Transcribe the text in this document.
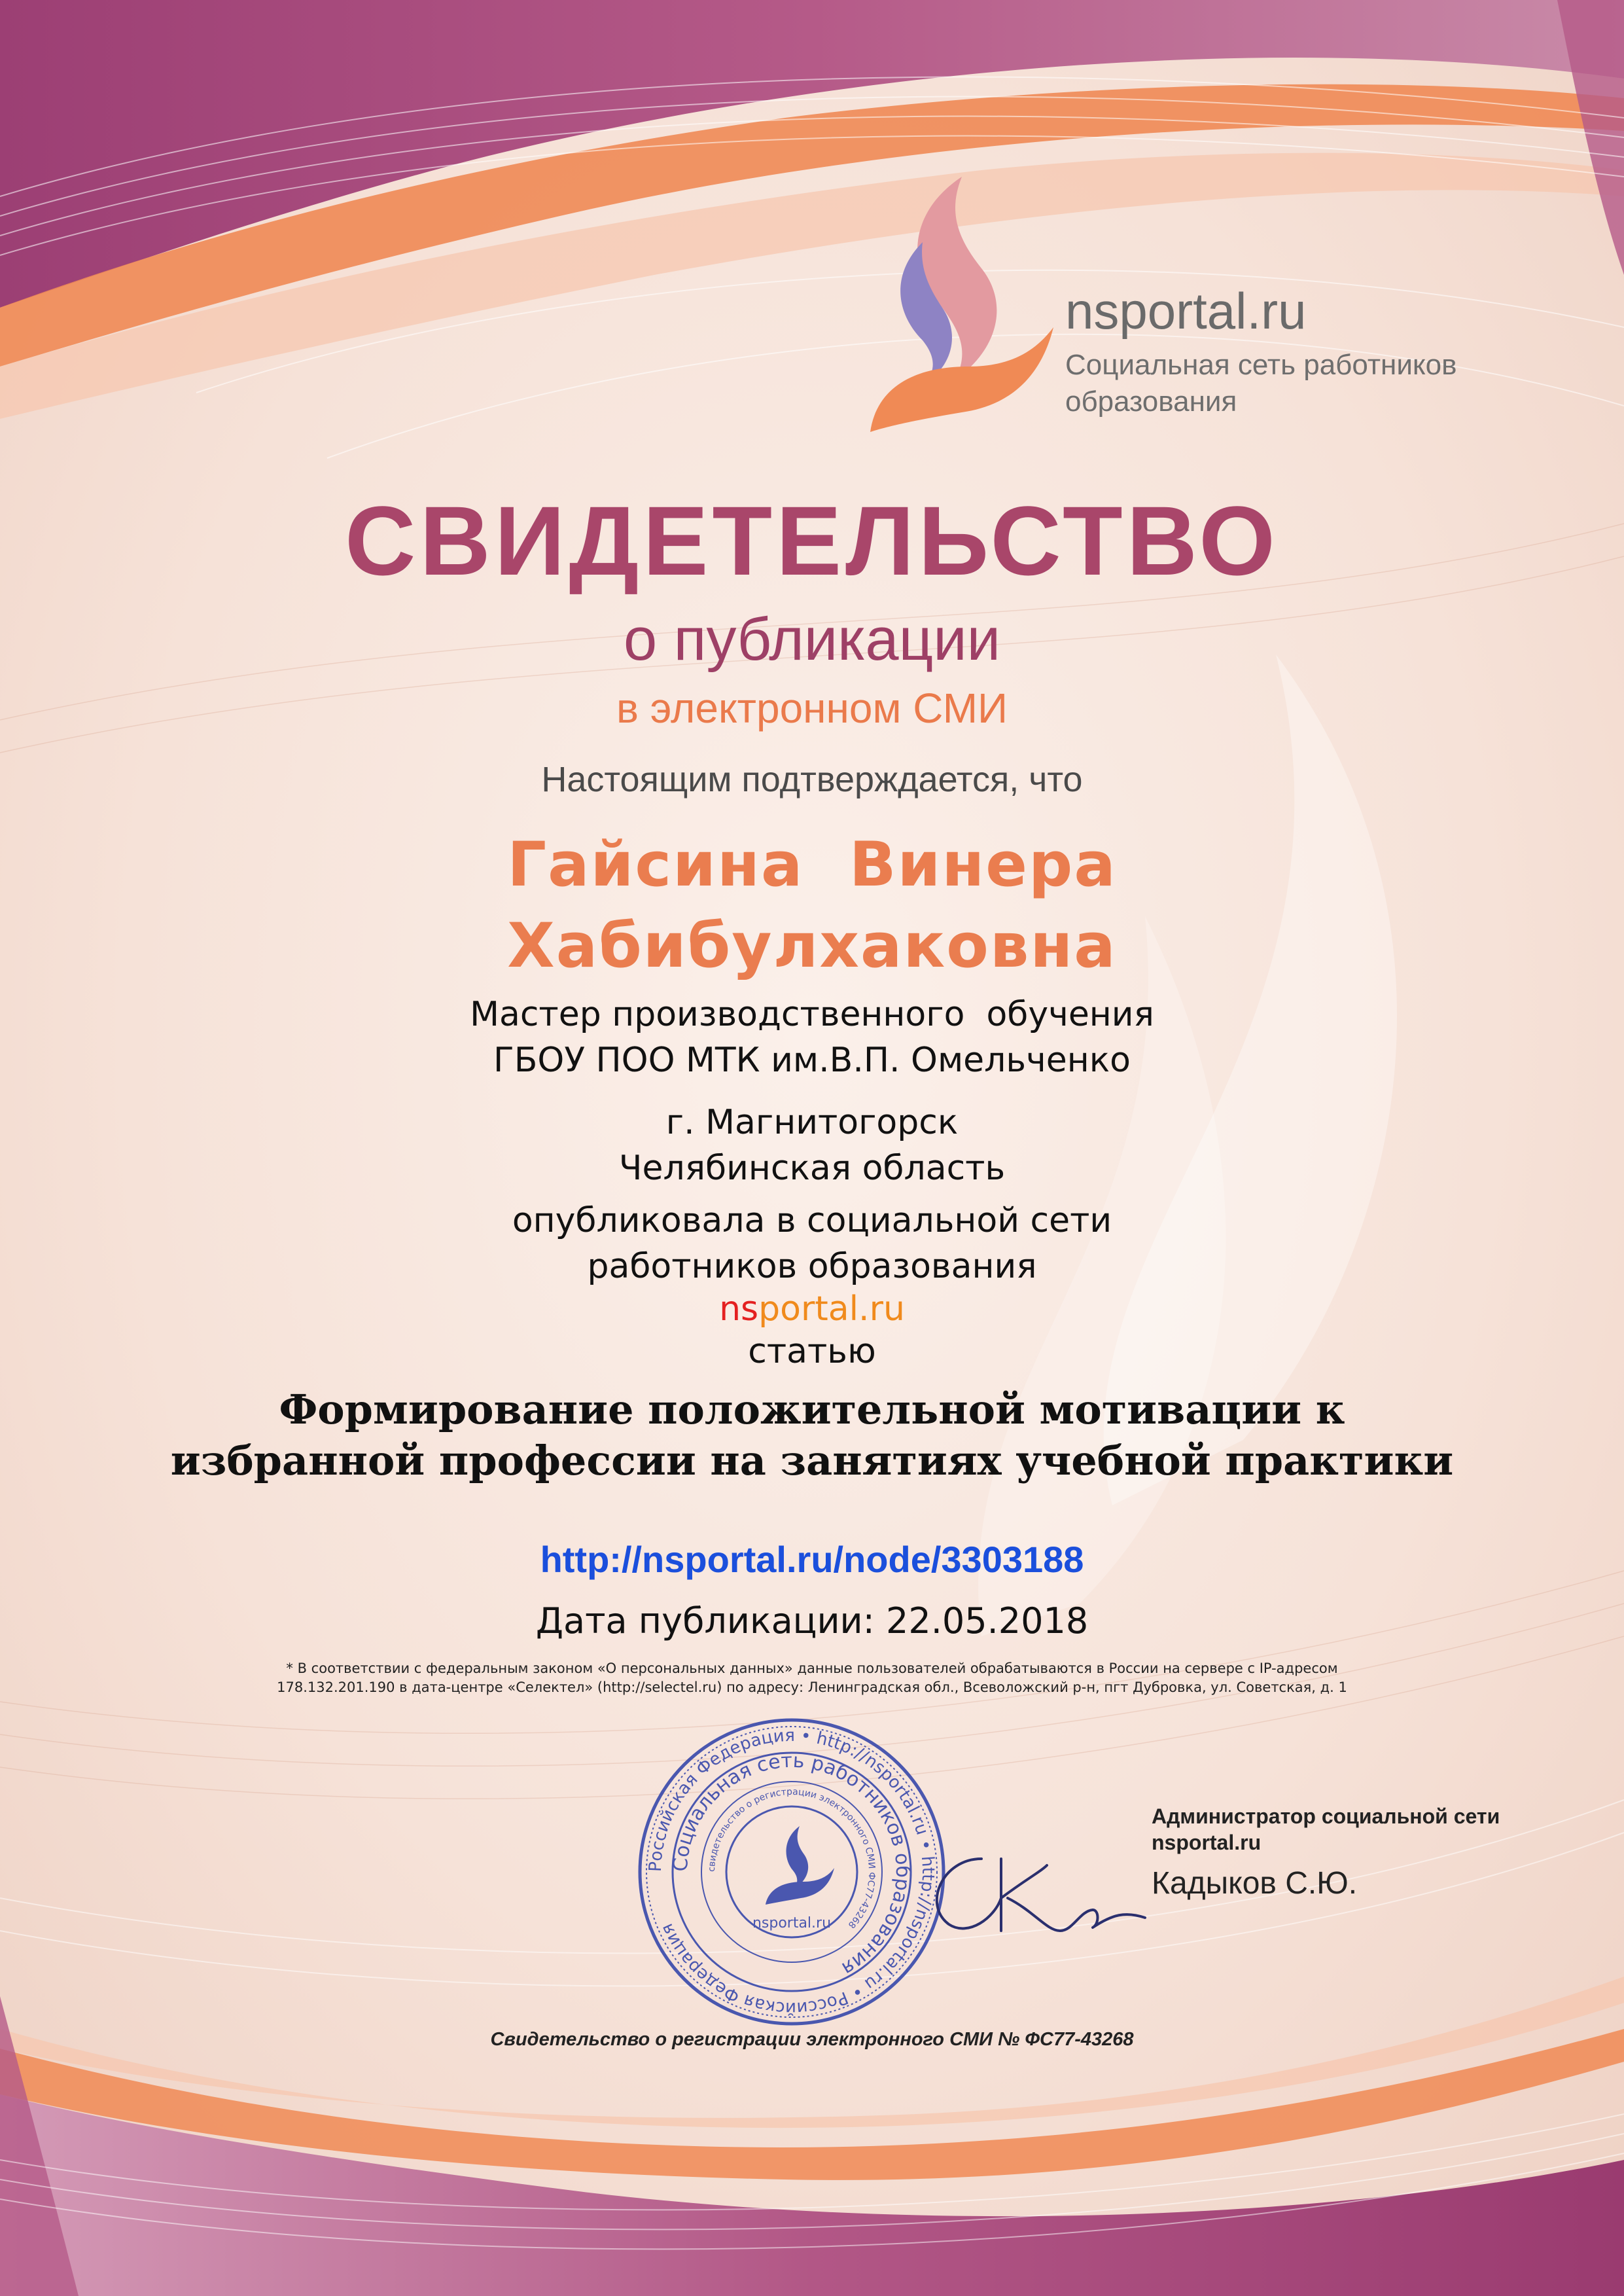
nsportal.ru
Социальная сеть работников образования
СВИДЕТЕЛЬСТВО
о публикации
в электронном СМИ
Настоящим подтверждается, что
Гайсина  Винера
Хабибулхаковна
Мастер производственного  обучения
ГБОУ ПОО МТК им.В.П. Омельченко
г. Магнитогорск
Челябинская область
опубликовала в социальной сети
работников образования
nsportal.ru
статью
Формирование положительной мотивации к избранной профессии на занятиях учебной практики
http://nsportal.ru/node/3303188
Дата публикации: 22.05.2018
* В соответствии с федеральным законом «О персональных данных» данные пользователей обрабатываются в России на сервере с IP-адресом 178.132.201.190 в дата-центре «Селектел» (http://selectel.ru) по адресу: Ленинградская обл., Всеволожский р-н, пгт Дубровка, ул. Советская, д. 1
Российская Федерация • http://nsportal.ru • http://nsportal.ru • Российская Федерация
Социальная сеть работников образования
свидетельство о регистрации электронного СМИ ФС77-43268
nsportal.ru
Администратор социальной сети nsportal.ru
Кадыков С.Ю.
Свидетельство о регистрации электронного СМИ № ФС77-43268
